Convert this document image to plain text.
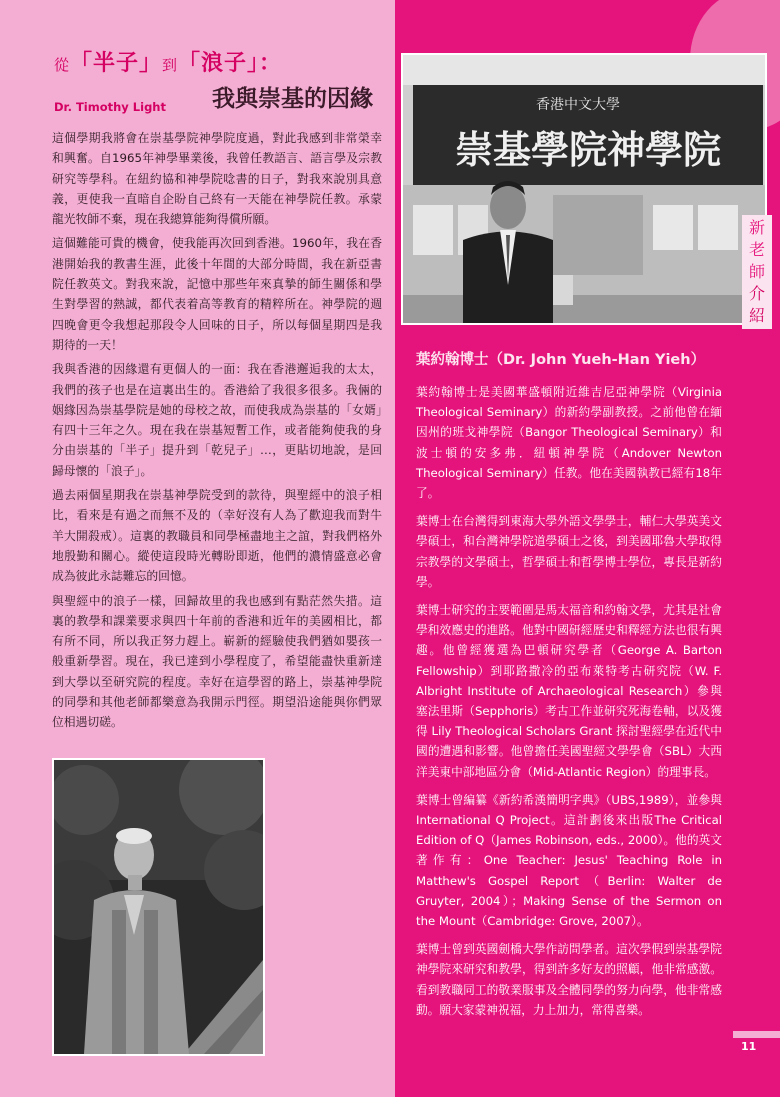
從「半子」到「浪子」：
我與崇基的因緣
Dr. Timothy Light

這個學期我將會在崇基學院神學院度過，對此我感到非常榮幸和興奮。自1965年神學畢業後，我曾任教語言、語言學及宗教研究等學科。在紐約協和神學院唸書的日子，對我來說別具意義，更使我一直暗自企盼自己終有一天能在神學院任教。承蒙龍光牧師不棄，現在我總算能夠得償所願。

這個難能可貴的機會，使我能再次回到香港。1960年，我在香港開始我的教書生涯，此後十年間的大部分時間，我在新亞書院任教英文。對我來說，記憶中那些年來真摯的師生關係和學生對學習的熱誠，都代表着高等教育的精粹所在。神學院的週四晚會更令我想起那段令人回味的日子，所以每個星期四是我期待的一天！

我與香港的因緣還有更個人的一面：我在香港邂逅我的太太，我們的孩子也是在這裏出生的。香港給了我很多很多。我倆的姻緣因為崇基學院是她的母校之故，而使我成為崇基的「女婿」有四十三年之久。現在我在崇基短暫工作，或者能夠使我的身分由崇基的「半子」提升到「乾兒子」…，更貼切地說，是回歸母懷的「浪子」。

過去兩個星期我在崇基神學院受到的款待，與聖經中的浪子相比，看來是有過之而無不及的（幸好沒有人為了歡迎我而對牛羊大開殺戒）。這裏的教職員和同學極盡地主之誼，對我們格外地殷勤和關心。縱使這段時光轉盼即逝，他們的濃情盛意必會成為彼此永誌難忘的回憶。

與聖經中的浪子一樣，回歸故里的我也感到有點茫然失措。這裏的教學和課業要求與四十年前的香港和近年的美國相比，都有所不同，所以我正努力趕上。嶄新的經驗使我們猶如嬰孩一般重新學習。現在，我已達到小學程度了，希望能盡快重新達到大學以至研究院的程度。幸好在這學習的路上，崇基神學院的同學和其他老師都樂意為我開示門徑。期望沿途能與你們眾位相遇切磋。

香港中文大學
崇基學院神學院
新
老
師
介
紹
葉約翰博士（Dr. John Yueh-Han Yieh）

葉約翰博士是美國華盛頓附近維吉尼亞神學院（Virginia Theological Seminary）的新約學副教授。之前他曾在緬因州的班戈神學院（Bangor Theological Seminary）和波士頓的安多弗．紐頓神學院（Andover Newton Theological Seminary）任教。他在美國執教已經有18年了。

葉博士在台灣得到東海大學外語文學學士，輔仁大學英美文學碩士，和台灣神學院道學碩士之後，到美國耶魯大學取得宗教學的文學碩士，哲學碩士和哲學博士學位，專長是新約學。

葉博士研究的主要範圍是馬太福音和約翰文學，尤其是社會學和效應史的進路。他對中國研經歷史和釋經方法也很有興趣。他曾經獲選為巴頓研究學者（George A. Barton Fellowship）到耶路撒冷的亞布萊特考古研究院（W. F. Albright Institute of Archaeological Research）參與塞法里斯（Sepphoris）考古工作並研究死海卷軸，以及獲得 Lily Theological Scholars Grant 探討聖經學在近代中國的遭遇和影響。他曾擔任美國聖經文學學會（SBL）大西洋美東中部地區分會（Mid-Atlantic Region）的理事長。

葉博士曾編纂《新約希漢簡明字典》（UBS,1989），並參與International Q Project。這計劃後來出版The Critical Edition of Q（James Robinson, eds., 2000）。他的英文著作有：One Teacher: Jesus' Teaching Role in Matthew's Gospel Report（Berlin: Walter de Gruyter, 2004）；Making Sense of the Sermon on the Mount（Cambridge: Grove, 2007）。

葉博士曾到英國劍橋大學作訪問學者。這次學假到崇基學院神學院來研究和教學，得到許多好友的照顧，他非常感激。看到教職同工的敬業服事及全體同學的努力向學，他非常感動。願大家蒙神祝福，力上加力，常得喜樂。

11
